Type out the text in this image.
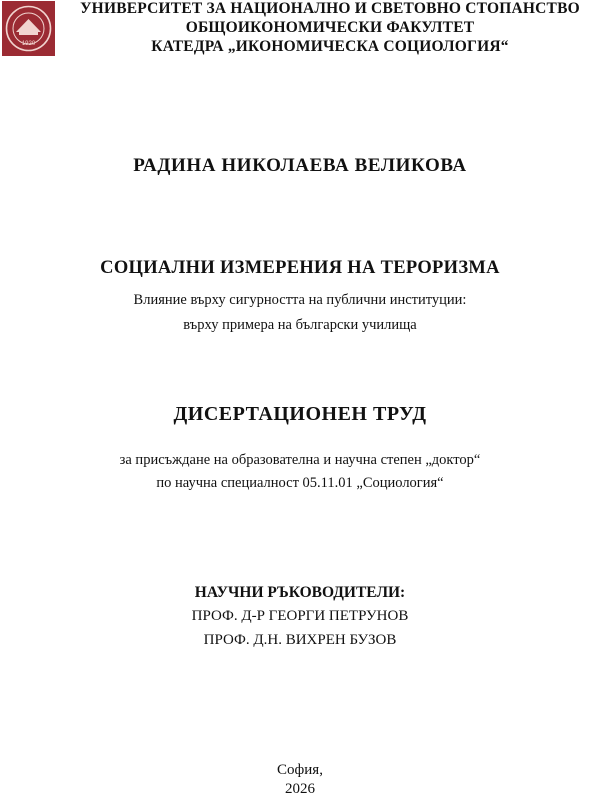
1920
УНИВЕРСИТЕТ ЗА НАЦИОНАЛНО И СВЕТОВНО СТОПАНСТВО
ОБЩОИКОНОМИЧЕСКИ ФАКУЛТЕТ
КАТЕДРА „ИКОНОМИЧЕСКА СОЦИОЛОГИЯ“
РАДИНА НИКОЛАЕВА ВЕЛИКОВА
СОЦИАЛНИ ИЗМЕРЕНИЯ НА ТЕРОРИЗМА
Влияние върху сигурността на публични институции:
върху примера на български училища
ДИСЕРТАЦИОНЕН ТРУД
за присъждане на образователна и научна степен „доктор“
по научна специалност 05.11.01 „Социология“
НАУЧНИ РЪКОВОДИТЕЛИ:
ПРОФ. Д-Р ГЕОРГИ ПЕТРУНОВ
ПРОФ. Д.Н. ВИХРЕН БУЗОВ
София,
2026
